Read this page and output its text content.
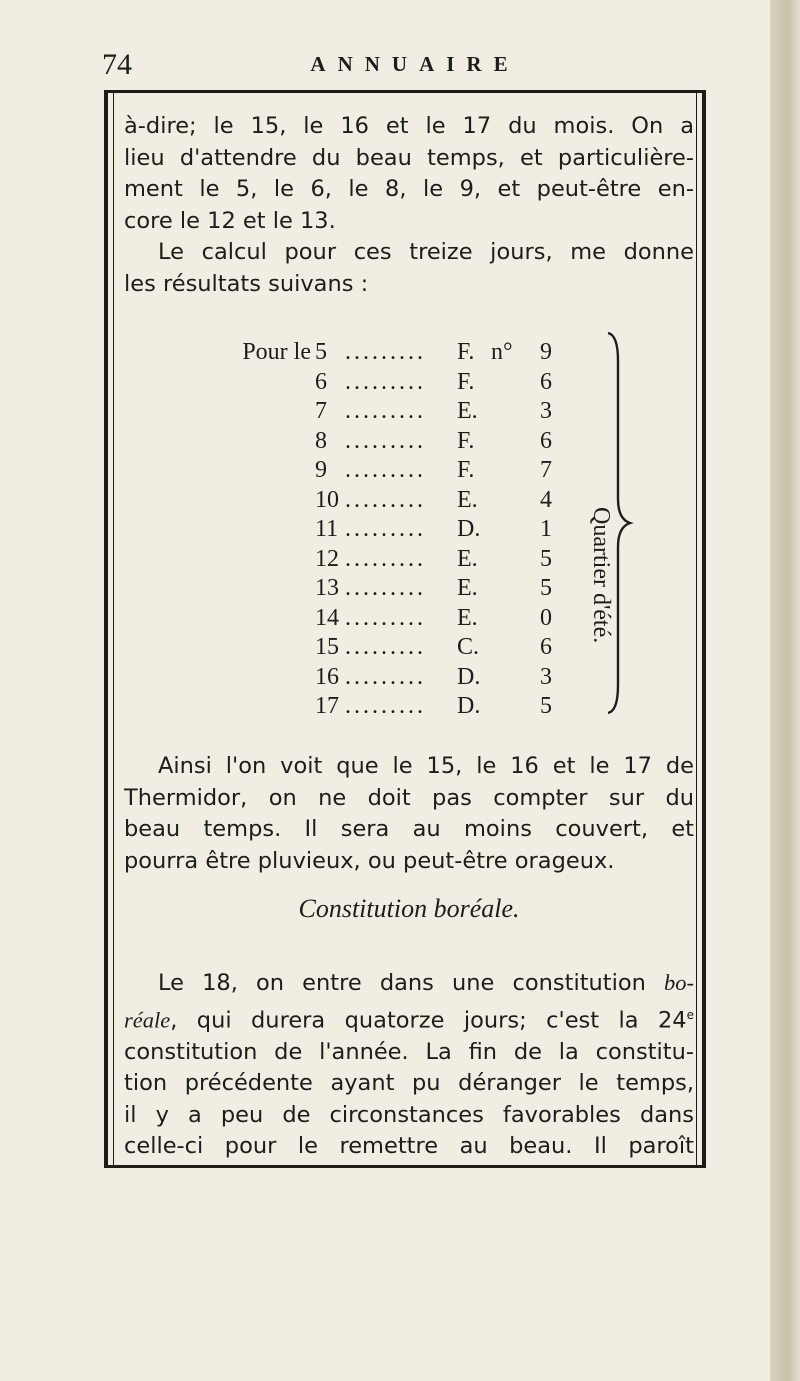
74	ANNUAIRE
à-dire; le 15, le 16 et le 17 du mois. On a
lieu d'attendre du beau temps, et particulière-
ment le 5, le 6, le 8, le 9, et peut-être en-
core le 12 et le 13.
Le calcul pour ces treize jours, me donne
les résultats suivans :
Pour le 5 ......... F. n° 9
6 ......... F.	6
7 ......... E.	3
8 ......... F.	6
9 ......... F.	7
10 ......... E.	4
11 ......... D. 1
12 ......... E.	5
13 ......... E.	5
14 ......... E.	0
15 ......... C.	6
16 ......... D. 3
17 ......... D. 5
Quartier d'été.
Ainsi l'on voit que le 15, le 16 et le 17 de
Thermidor, on ne doit pas compter sur du
beau temps. Il sera au moins couvert, et
pourra être pluvieux, ou peut-être orageux.
Constitution boréale.
Le 18, on entre dans une constitution bo-
réale, qui durera quatorze jours; c'est la 24e
constitution de l'année. La fin de la constitu-
tion précédente ayant pu déranger le temps,
il y a peu de circonstances favorables dans
celle-ci pour le remettre au beau. Il paroît
